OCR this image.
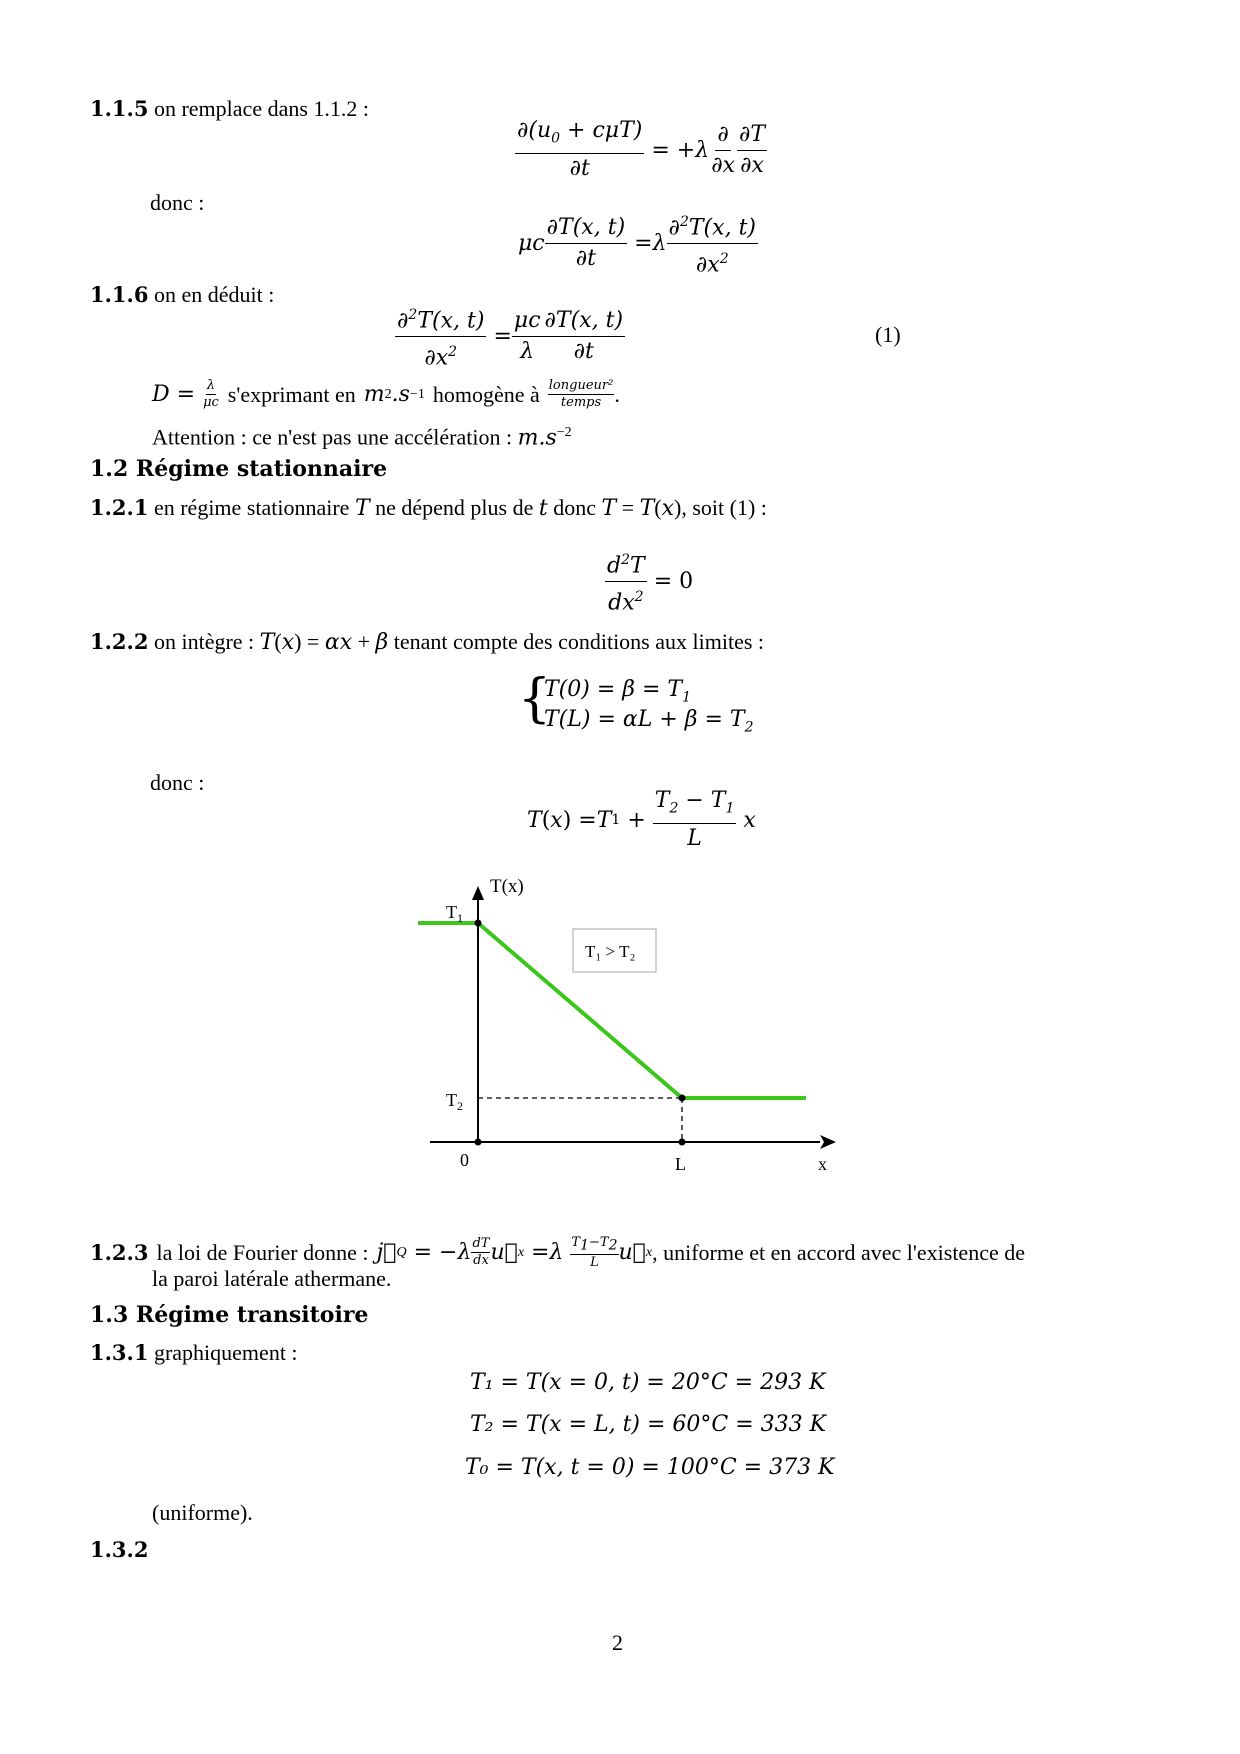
1.1.5 on remplace dans 1.1.2 :
$\frac{\partial(u_0 + c\mu T)}{\partial t}$ = + λ $\frac{\partial}{\partial x} \frac{\partial T}{\partial x}$
donc :
μc $\frac{\partial T(x, t)}{\partial t} = \lambda \frac{\partial^2T(x, t)}{\partial x^2}$
1.1.6 on en déduit :
$\frac{\partial^2T(x, t)}{\partial x^2} = \frac{\mu c}{\lambda} \frac{\partial T(x, t)}{\partial t}$	(1)
$D = \frac{\lambda}{\mu c}$ s'exprimant en m 2 .s −1 homogène à longueur²
temps .
Attention : ce n'est pas une accélération : $m.s^{-2}$
1.2 Régime stationnaire
1.2.1 en régime stationnaire T ne dépend plus de t donc T = T(x), soit (1) :
$\frac{d^2T}{dx^2} = 0$
1.2.2 on intègre : T(x) = αx + β tenant compte des conditions aux limites :
{
$T(0) = \beta = T_1$
$T(L) = \alpha L + \beta = T_2$
donc :
T ( x ) = T $1 + \frac{T_2 - T_1}{L}$ x
T(x)
$T_1$
$T_2$
0	L	x
T₁ > T₂
1.2.3 la loi de Fourier donne : j⃗ Q = − λ dT
dx u⃗ x = λ $T_1-T_2$
L u⃗ x , uniforme et en accord avec l'existence de
la paroi latérale athermane.
1.3 Régime transitoire
1.3.1 graphiquement :
T₁ = T(x = 0, t) = 20°C = 293 K
T₂ = T(x = L, t) = 60°C = 333 K
T₀ = T(x, t = 0) = 100°C = 373 K
(uniforme).
1.3.2
2
